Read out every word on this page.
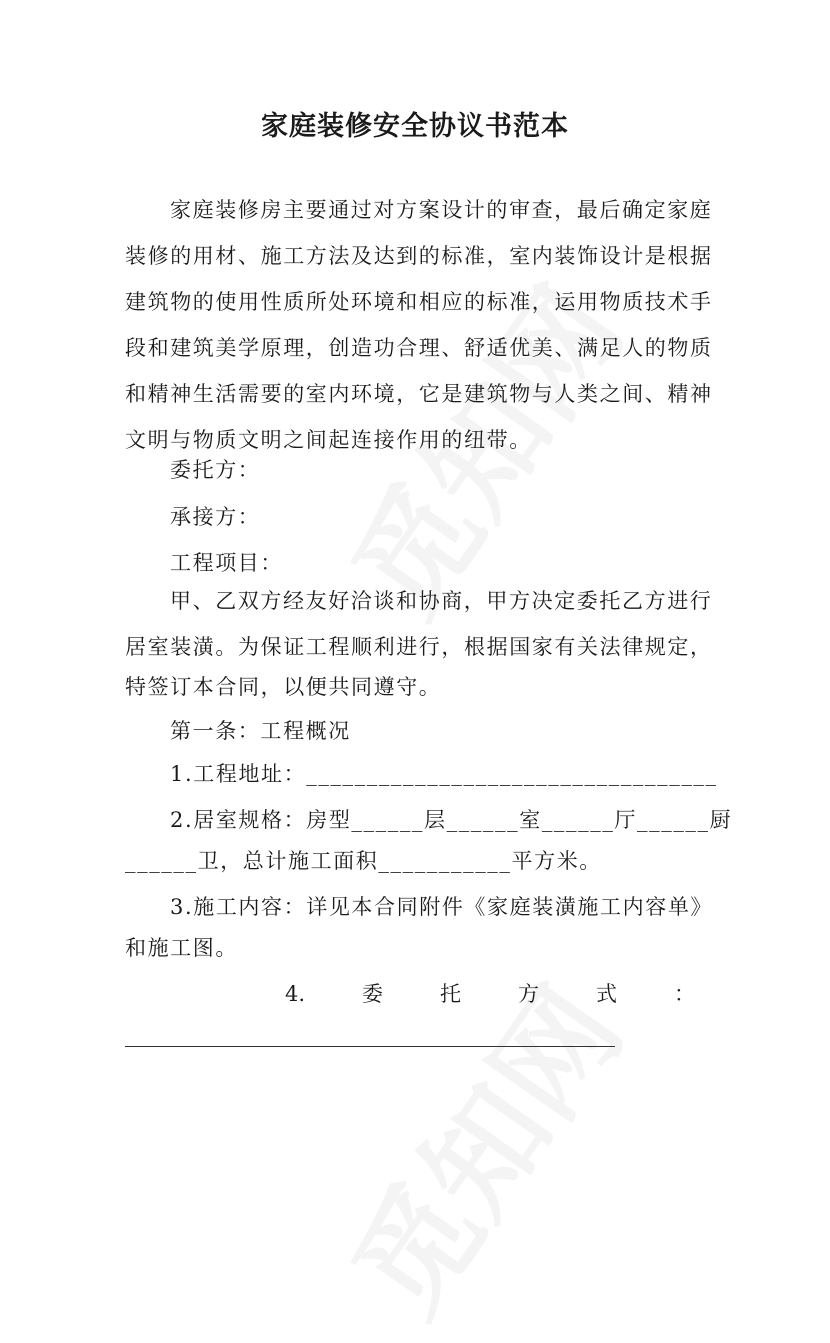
家庭装修安全协议书范本
家庭装修房主要通过对方案设计的审查，最后确定家庭
装修的用材、施工方法及达到的标准，室内装饰设计是根据
建筑物的使用性质所处环境和相应的标准，运用物质技术手
段和建筑美学原理，创造功合理、舒适优美、满足人的物质
和精神生活需要的室内环境，它是建筑物与人类之间、精神
文明与物质文明之间起连接作用的纽带。
委托方：
承接方：
工程项目：
甲、乙双方经友好洽谈和协商，甲方决定委托乙方进行
居室装潢。为保证工程顺利进行，根据国家有关法律规定，
特签订本合同，以便共同遵守。
第一条：工程概况
1.工程地址：__________________________________
2.居室规格：房型______层______室______厅______厨
______卫，总计施工面积___________平方米。
3.施工内容：详见本合同附件《家庭装潢施工内容单》
和施工图。
4.	委	托	方	式	：
